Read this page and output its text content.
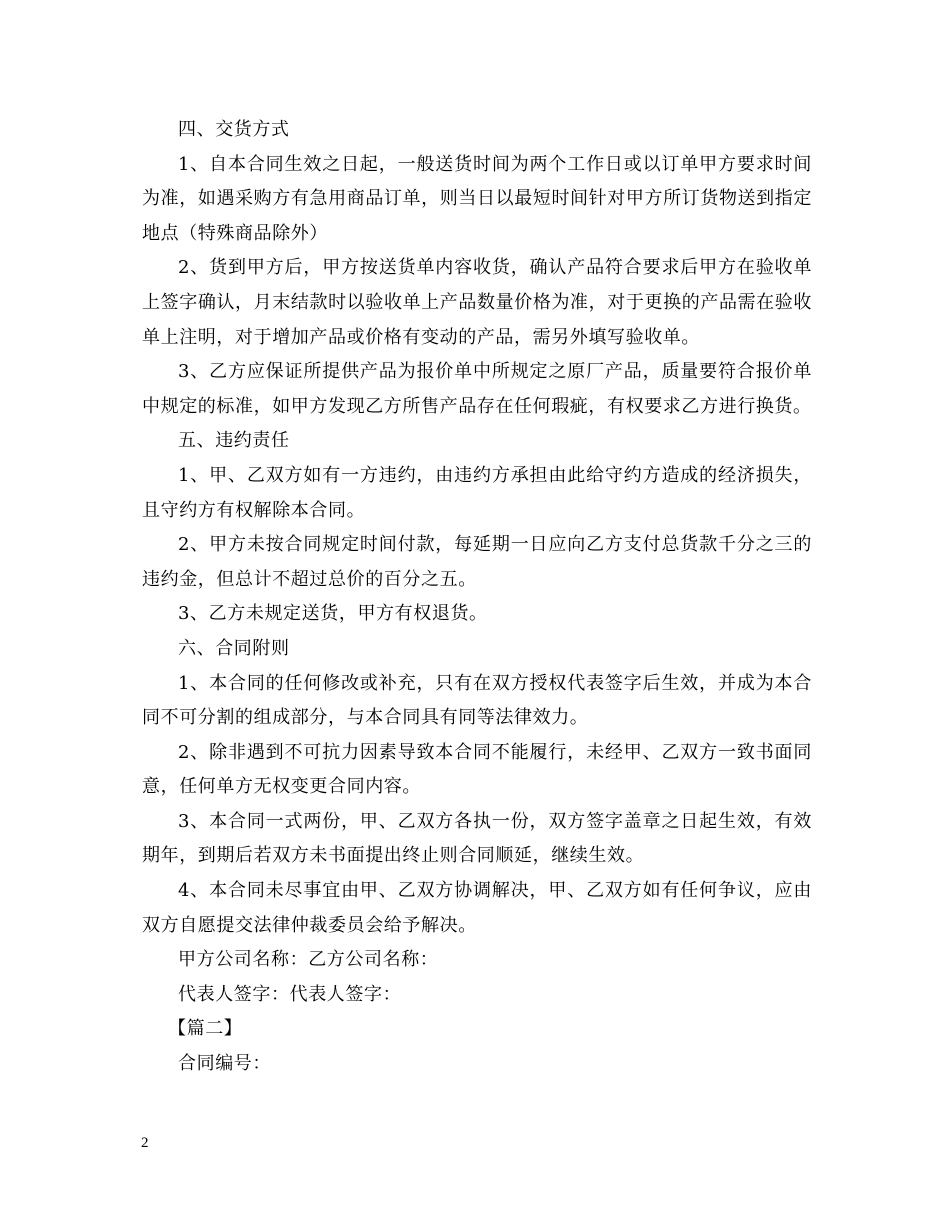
四、交货方式

1、自本合同生效之日起，一般送货时间为两个工作日或以订单甲方要求时间为准，如遇采购方有急用商品订单，则当日以最短时间针对甲方所订货物送到指定地点（特殊商品除外）

2、货到甲方后，甲方按送货单内容收货，确认产品符合要求后甲方在验收单上签字确认，月末结款时以验收单上产品数量价格为准，对于更换的产品需在验收单上注明，对于增加产品或价格有变动的产品，需另外填写验收单。

3、乙方应保证所提供产品为报价单中所规定之原厂产品，质量要符合报价单中规定的标准，如甲方发现乙方所售产品存在任何瑕疵，有权要求乙方进行换货。

五、违约责任

1、甲、乙双方如有一方违约，由违约方承担由此给守约方造成的经济损失，且守约方有权解除本合同。

2、甲方未按合同规定时间付款，每延期一日应向乙方支付总货款千分之三的违约金，但总计不超过总价的百分之五。

3、乙方未规定送货，甲方有权退货。

六、合同附则

1、本合同的任何修改或补充，只有在双方授权代表签字后生效，并成为本合同不可分割的组成部分，与本合同具有同等法律效力。

2、除非遇到不可抗力因素导致本合同不能履行，未经甲、乙双方一致书面同意，任何单方无权变更合同内容。

3、本合同一式两份，甲、乙双方各执一份，双方签字盖章之日起生效，有效期年，到期后若双方未书面提出终止则合同顺延，继续生效。

4、本合同未尽事宜由甲、乙双方协调解决，甲、乙双方如有任何争议，应由双方自愿提交法律仲裁委员会给予解决。

甲方公司名称：乙方公司名称：

代表人签字：代表人签字：

【篇二】

合同编号：

2
